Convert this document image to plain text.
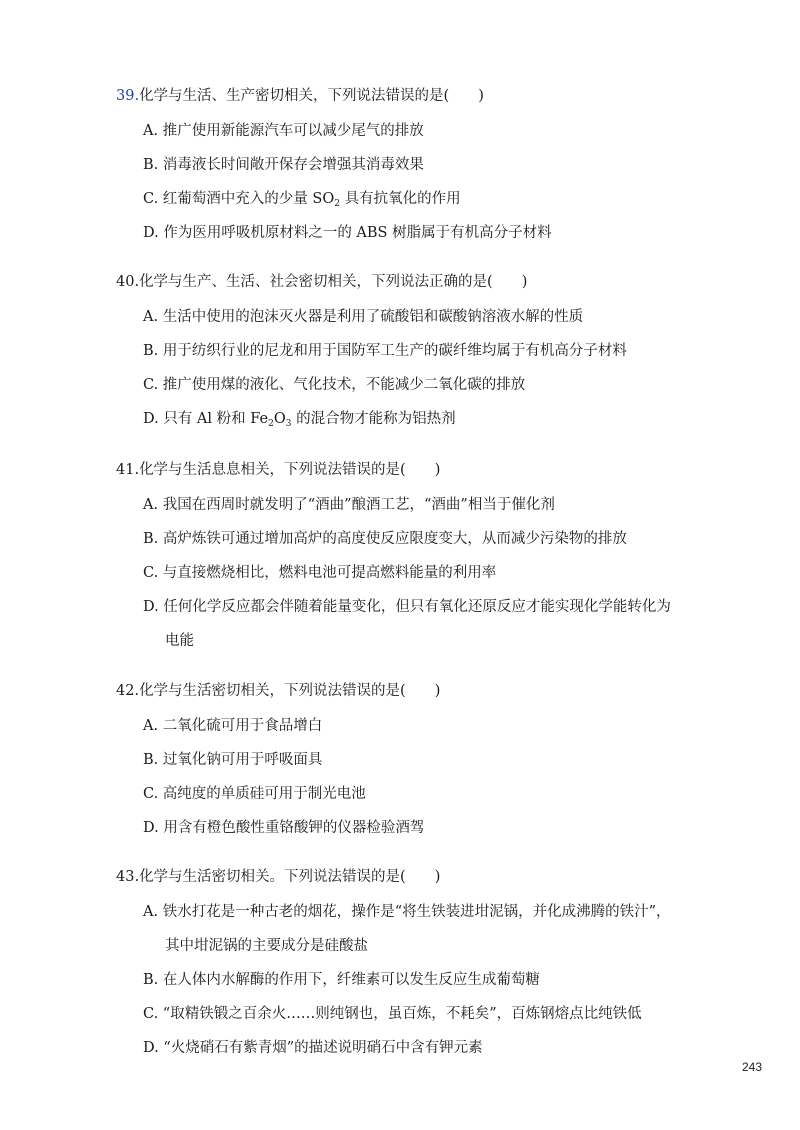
39.化学与生活、生产密切相关，下列说法错误的是(　　)
A. 推广使用新能源汽车可以减少尾气的排放
B. 消毒液长时间敞开保存会增强其消毒效果
C. 红葡萄酒中充入的少量 $SO_2$ 具有抗氧化的作用
D. 作为医用呼吸机原材料之一的 ABS 树脂属于有机高分子材料
40.化学与生产、生活、社会密切相关，下列说法正确的是(　　)
A. 生活中使用的泡沫灭火器是利用了硫酸铝和碳酸钠溶液水解的性质
B. 用于纺织行业的尼龙和用于国防军工生产的碳纤维均属于有机高分子材料
C. 推广使用煤的液化、气化技术，不能减少二氧化碳的排放
D. 只有 Al 粉和 $Fe_2O_3$ 的混合物才能称为铝热剂
41.化学与生活息息相关，下列说法错误的是(　　)
A. 我国在西周时就发明了“酒曲”酿酒工艺，“酒曲”相当于催化剂
B. 高炉炼铁可通过增加高炉的高度使反应限度变大，从而减少污染物的排放
C. 与直接燃烧相比，燃料电池可提高燃料能量的利用率
D. 任何化学反应都会伴随着能量变化，但只有氧化还原反应才能实现化学能转化为
电能
42.化学与生活密切相关，下列说法错误的是(　　)
A. 二氧化硫可用于食品增白
B. 过氧化钠可用于呼吸面具
C. 高纯度的单质硅可用于制光电池
D. 用含有橙色酸性重铬酸钾的仪器检验酒驾
43.化学与生活密切相关。下列说法错误的是(　　)
A. 铁水打花是一种古老的烟花，操作是“将生铁装进坩泥锅，并化成沸腾的铁汁”，
其中坩泥锅的主要成分是硅酸盐
B. 在人体内水解酶的作用下，纤维素可以发生反应生成葡萄糖
C. “取精铁锻之百余火……则纯钢也，虽百炼，不耗矣”，百炼钢熔点比纯铁低
D. “火烧硝石有紫青烟”的描述说明硝石中含有钾元素
243
